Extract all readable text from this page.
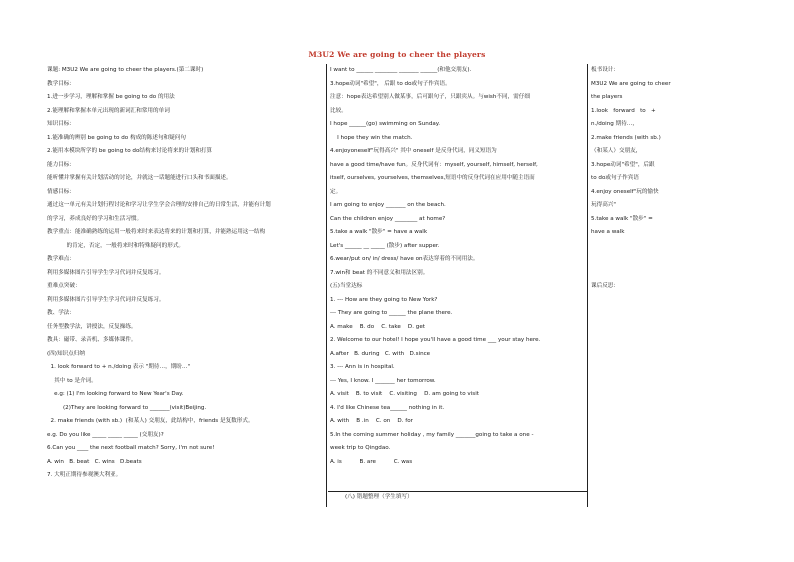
M3U2 We are going to cheer the players
课题: M3U2 We are going to cheer the players.(第二课时)
教学目标：
1.进一步学习，理解和掌握 be going to do 的用法
2.能理解和掌握本单元出现的新词汇和常用的单词
知识目标：
1.能准确的辨别 be going to do 构成的陈述句和疑问句
2.能用本模块所学的 be going to do结构来讨论将来的计划和打算
能力目标：
能听懂并掌握有关计划活动的讨论，并就这一话题能进行口头和书面描述。
情感目标：
通过这一单元有关计划行程讨论和学习让学生学会合理的安排自己的日常生活，并能有计划
的学习，养成良好的学习和生活习惯。
教学重点：能准确熟练的运用一般将来时来表达将来的计划和打算，并能熟运用这一结构
的肯定，否定，一般将来时和特殊疑问的形式。
教学难点：
利用多媒体图片引导学生学习代词并反复练习。
重难点突破：
利用多媒体图片引导学生学习代词并反复练习。
教、学法：
任务型教学法，讲授法，反复操练。
教具：磁带、录音机、多媒体课件。
(四)知识点归纳
1. look forward to + n./doing 表示 "期待…，期盼…"
其中 to 是介词。
e.g: (1) I'm looking forward to New Year's Day.
(2)They are looking forward to _______(visit)Beijing.
2. make friends (with sb.)  (和某人) 交朋友，此结构中，friends 是复数形式。
e.g. Do you like _____ _____ _____ (交朋友)?
6.Can you ____ the next football match? Sorry, I'm not sure!
A. win   B. beat   C. wins   D.beats
7. 大明正期待参观澳大利亚。
I want to ______ ________ _______ ______(和他交朋友).
3.hope动词"希望"， 后跟 to do或句子作宾语。
注意：hope表达希望别人做某事，后可跟句子，只跟宾从。与wish不同，需仔细
比较。
I hope ______(go) swimming on Sunday.
I hope they win the match.
4.enjoyoneself"玩得高兴" 其中 oneself 是反身代词，同义短语为
have a good time/have fun。反身代词有：myself, yourself, himself, herself,
itself, ourselves, yourselves, themselves,短语中的反身代词在应用中随主语而
定。
I am going to enjoy _______ on the beach.
Can the children enjoy ________ at home?
5.take a walk "散步" = have a walk
Let's ______ __ _____ (散步) after supper.
6.wear/put on/ in/ dress/ have on表达穿着的不同用法。
7.win和 beat 的不同意义和用法区别。
(五)当堂达标
1. --- How are they going to New York?
--- They are going to ______ the plane there.
A. make    B. do    C. take    D. get
2. Welcome to our hotel! I hope you'll have a good time ___ your stay here.
A.after   B. during   C. with   D.since
3. --- Ann is in hospital.
--- Yes, I know. I _______ her tomorrow.
A. visit    B. to visit    C. visiting    D. am going to visit
4. I'd like Chinese tea______ nothing in it.
A. with    B .in    C. on    D. for
5.In the coming summer holiday , my family _______going to take a one -
week trip to Qingdao.
A. is          B. are          C. was
板书设计：
M3U2 We are going to cheer
the players
1.look   forward   to   +
n./doing 期待…，
2.make friends (with sb.)
（和某人）交朋友，
3.hope动词"希望"，后跟
to do或句子作宾语
4.enjoy oneself"玩的愉快
玩得高兴"
5.take a walk "散步" =
have a walk
课后反思：
(八) 错题整理（学生填写）
